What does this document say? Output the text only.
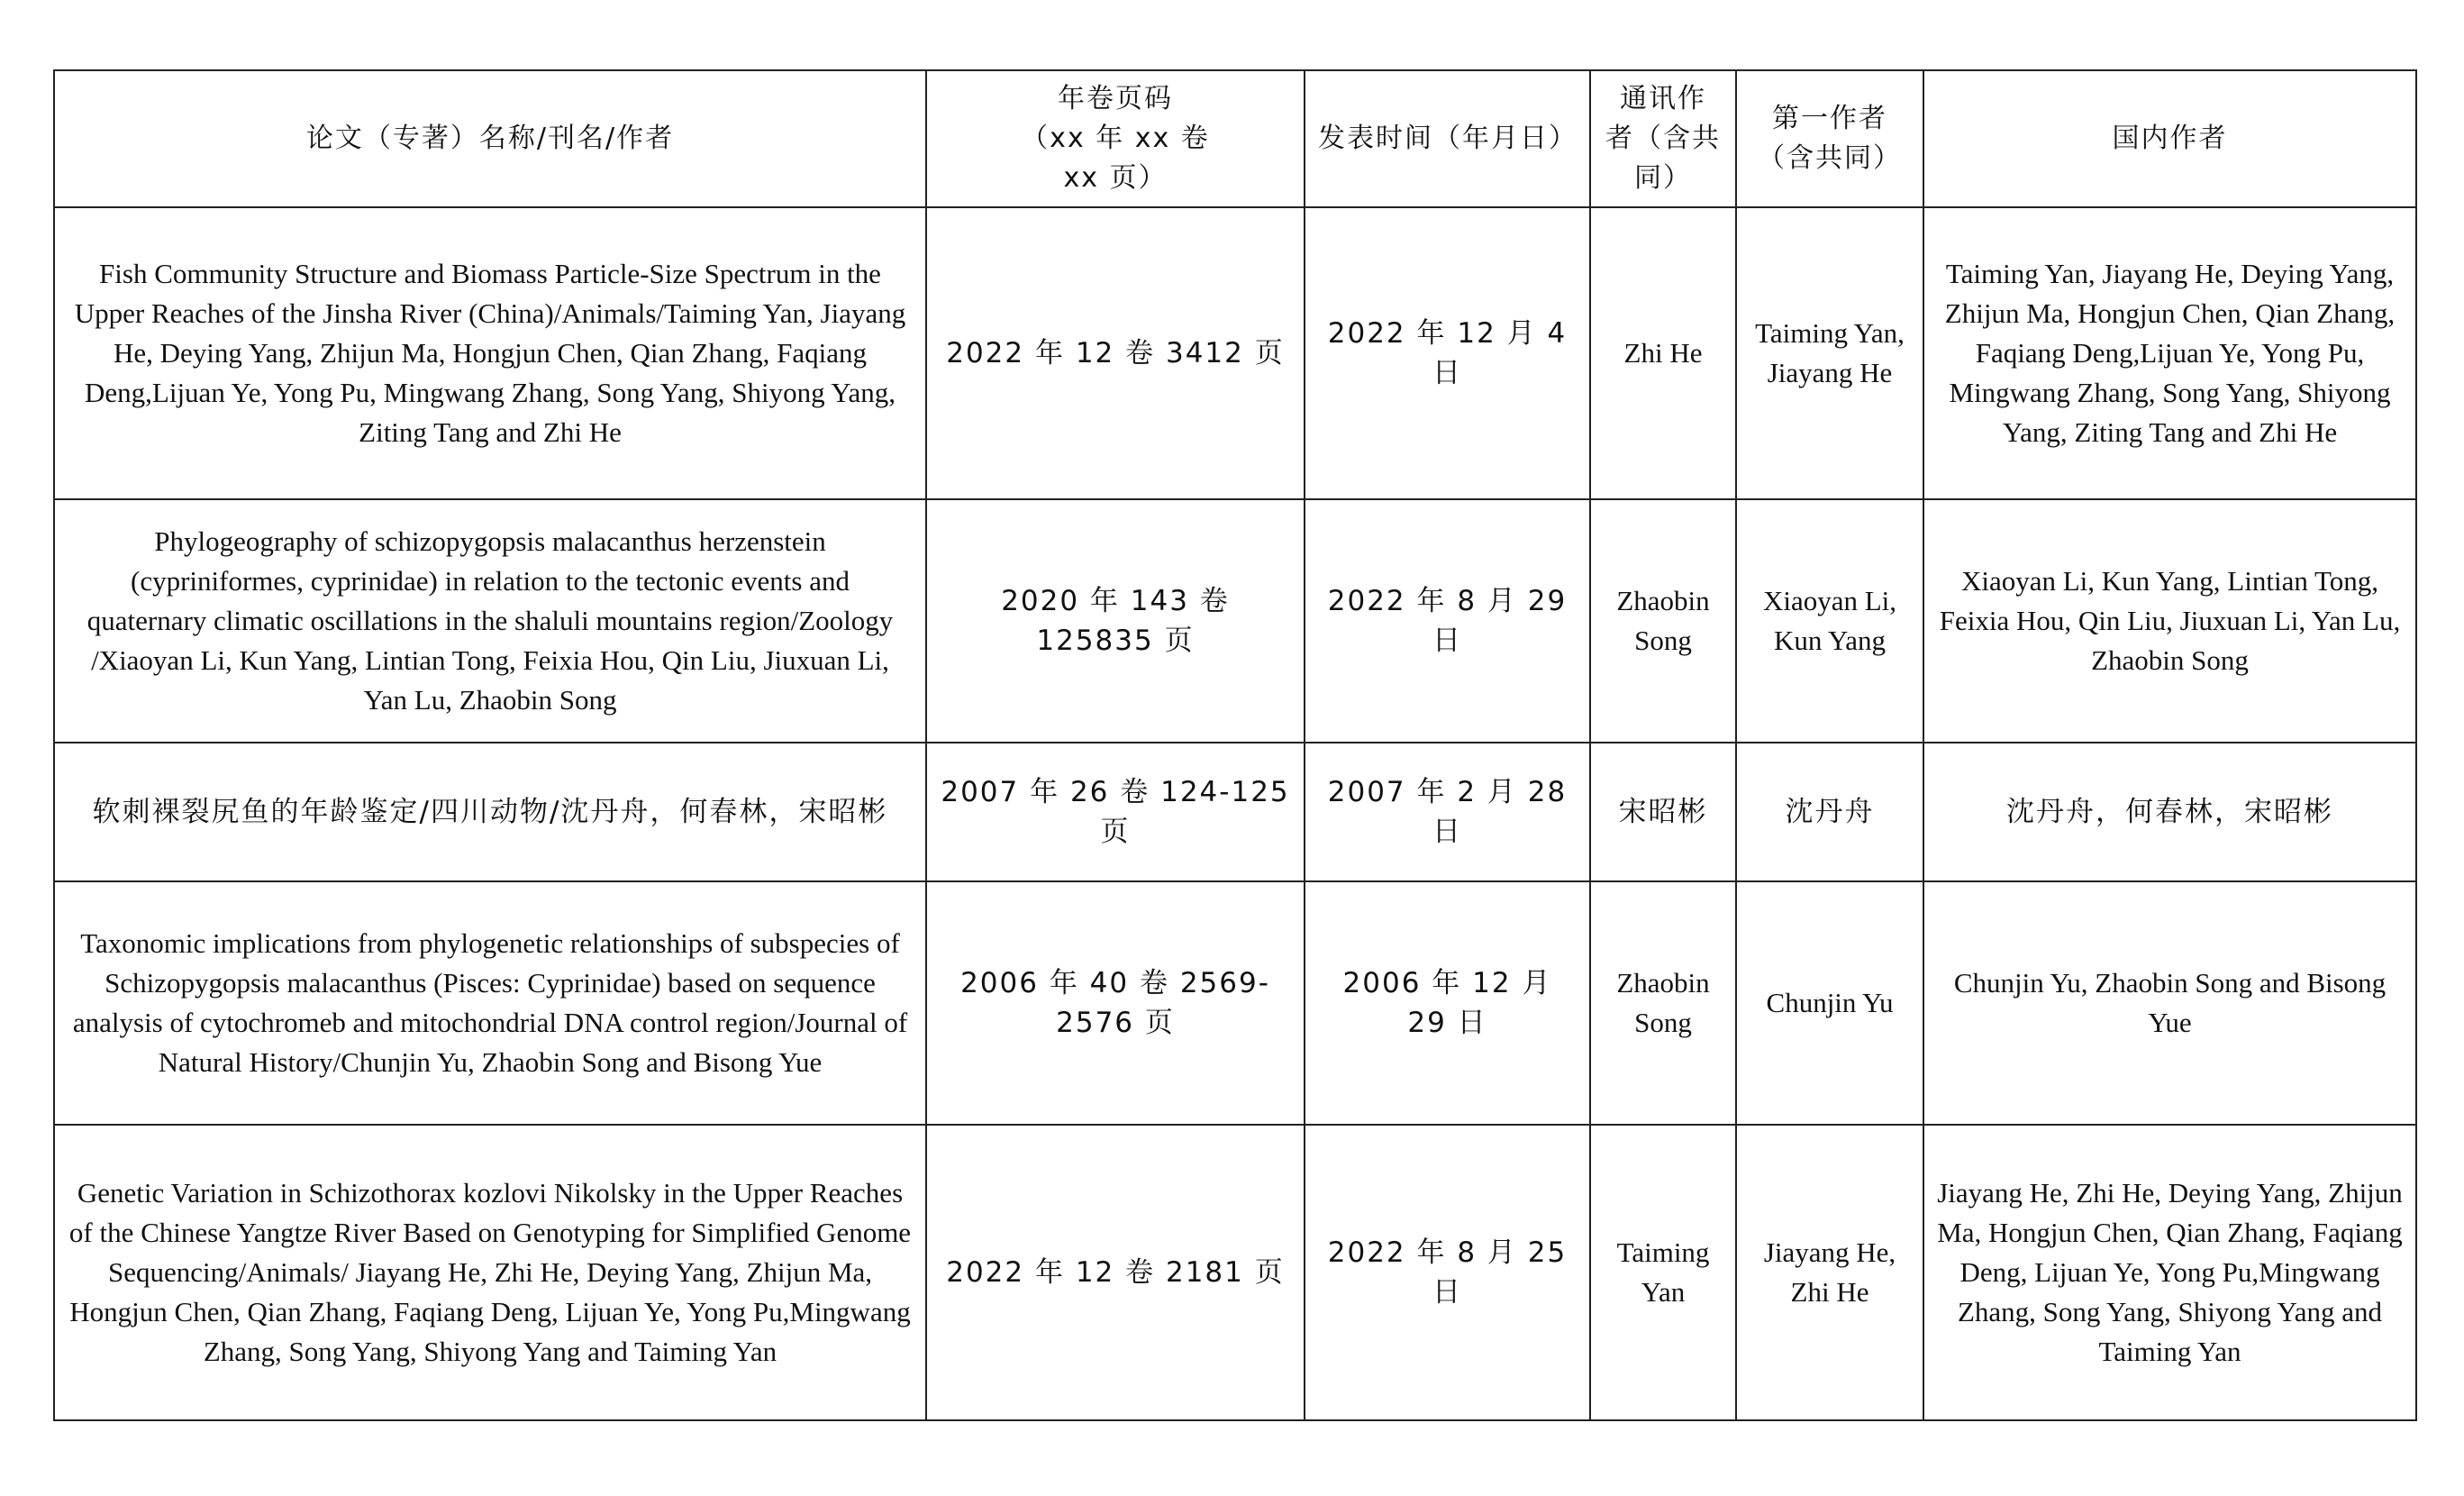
论文（专著）名称/刊名/作者	年卷页码
（xx 年 xx 卷
xx 页）	发表时间（年月日）	通讯作
者（含共
同）	第一作者
（含共同）	国内作者
Fish Community Structure and Biomass Particle-Size Spectrum in the Upper Reaches of the Jinsha River (China)/Animals/Taiming Yan, Jiayang He, Deying Yang, Zhijun Ma, Hongjun Chen, Qian Zhang, Faqiang Deng,Lijuan Ye, Yong Pu, Mingwang Zhang, Song Yang, Shiyong Yang, Ziting Tang and Zhi He	2022 年 12 卷 3412 页	2022 年 12 月 4 日	Zhi He	Taiming Yan, Jiayang He	Taiming Yan, Jiayang He, Deying Yang, Zhijun Ma, Hongjun Chen, Qian Zhang, Faqiang Deng,Lijuan Ye, Yong Pu, Mingwang Zhang, Song Yang, Shiyong Yang, Ziting Tang and Zhi He
Phylogeography of schizopygopsis malacanthus herzenstein (cypriniformes, cyprinidae) in relation to the tectonic events and quaternary climatic oscillations in the shaluli mountains region/Zoology /Xiaoyan Li, Kun Yang, Lintian Tong, Feixia Hou, Qin Liu, Jiuxuan Li, Yan Lu, Zhaobin Song	2020 年 143 卷 125835 页	2022 年 8 月 29 日	Zhaobin Song	Xiaoyan Li, Kun Yang	Xiaoyan Li, Kun Yang, Lintian Tong, Feixia Hou, Qin Liu, Jiuxuan Li, Yan Lu, Zhaobin Song
软刺裸裂尻鱼的年龄鉴定/四川动物/沈丹舟，何春林，宋昭彬	2007 年 26 卷 124-125 页	2007 年 2 月 28 日	宋昭彬	沈丹舟	沈丹舟，何春林，宋昭彬
Taxonomic implications from phylogenetic relationships of subspecies of Schizopygopsis malacanthus (Pisces: Cyprinidae) based on sequence analysis of cytochromeb and mitochondrial DNA control region/Journal of Natural History/Chunjin Yu, Zhaobin Song and Bisong Yue	2006 年 40 卷 2569-2576 页	2006 年 12 月 29 日	Zhaobin Song	Chunjin Yu	Chunjin Yu, Zhaobin Song and Bisong Yue
Genetic Variation in Schizothorax kozlovi Nikolsky in the Upper Reaches of the Chinese Yangtze River Based on Genotyping for Simplified Genome Sequencing/Animals/ Jiayang He, Zhi He, Deying Yang, Zhijun Ma, Hongjun Chen, Qian Zhang, Faqiang Deng, Lijuan Ye, Yong Pu,Mingwang Zhang, Song Yang, Shiyong Yang and Taiming Yan	2022 年 12 卷 2181 页	2022 年 8 月 25 日	Taiming Yan	Jiayang He, Zhi He	Jiayang He, Zhi He, Deying Yang, Zhijun Ma, Hongjun Chen, Qian Zhang, Faqiang Deng, Lijuan Ye, Yong Pu,Mingwang Zhang, Song Yang, Shiyong Yang and Taiming Yan
